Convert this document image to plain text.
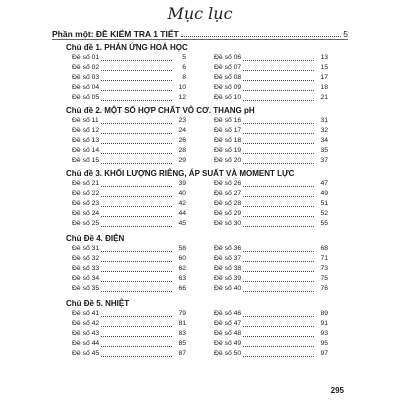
Mục lục
Phần một: ĐỀ KIỂM TRA 1 TIẾT	5
Chủ đề 1. PHẢN ỨNG HOÁ HỌC
Đề số 01	5
Đề số 02	6
Đề số 03	8
Đề số 04	10
Đề số 05	12
Đề số 06	13
Đề số 07	15
Đề số 08	17
Đề số 09	18
Đề số 10	21
Chủ đề 2. MỘT SỐ HỢP CHẤT VÔ CƠ. THANG pH
Đề số 11	23
Đề số 12	24
Đề số 13	26
Đề số 14	28
Đề số 15	29
Đề số 16	31
Đề số 17	32
Đề số 18	34
Đề số 19	35
Đề số 20	37
Chủ đề 3. KHỐI LƯỢNG RIÊNG, ÁP SUẤT VÀ MOMENT LỰC
Đề số 21	39
Đề số 22	40
Đề số 23	42
Đề số 24	44
Đề số 25	45
Đề số 26	47
Đề số 27	49
Đề số 28	51
Đề số 29	52
Đề số 30	55
Chủ Đề 4. ĐIỆN
Đề số 31	58
Đề số 32	60
Đề số 33	62
Đề số 34	63
Đề số 35	66
Đề số 36	68
Đề số 37	71
Đề số 38	73
Đề số 39	75
Đề số 40	76
Chủ Đề 5. NHIỆT
Đề số 41	79
Đề số 42	81
Đề số 43	83
Đề số 44	85
Đề số 45	87
Đề số 46	89
Đề số 47	91
Đề số 48	93
Đề số 49	95
Đề số 50	97
295
